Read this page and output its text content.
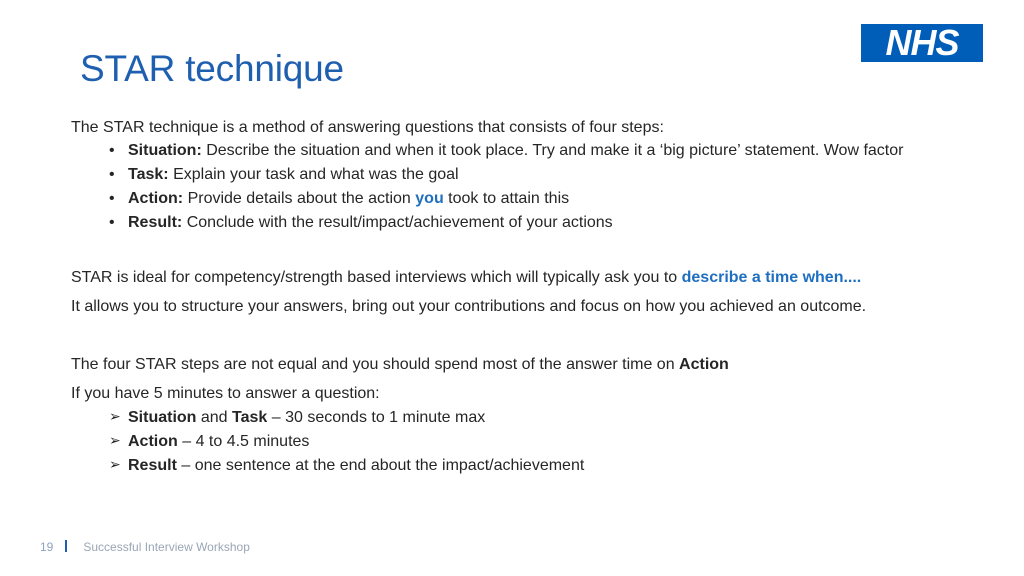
STAR technique
NHS

The STAR technique is a method of answering questions that consists of four steps:

• Situation: Describe the situation and when it took place. Try and make it a ‘big picture’ statement. Wow factor
• Task: Explain your task and what was the goal
• Action: Provide details about the action you took to attain this
• Result: Conclude with the result/impact/achievement of your actions

STAR is ideal for competency/strength based interviews which will typically ask you to describe a time when....

It allows you to structure your answers, bring out your contributions and focus on how you achieved an outcome.

The four STAR steps are not equal and you should spend most of the answer time on Action

If you have 5 minutes to answer a question:

➢ Situation and Task – 30 seconds to 1 minute max
➢ Action – 4 to 4.5 minutes
➢ Result – one sentence at the end about the impact/achievement
19	Successful Interview Workshop
